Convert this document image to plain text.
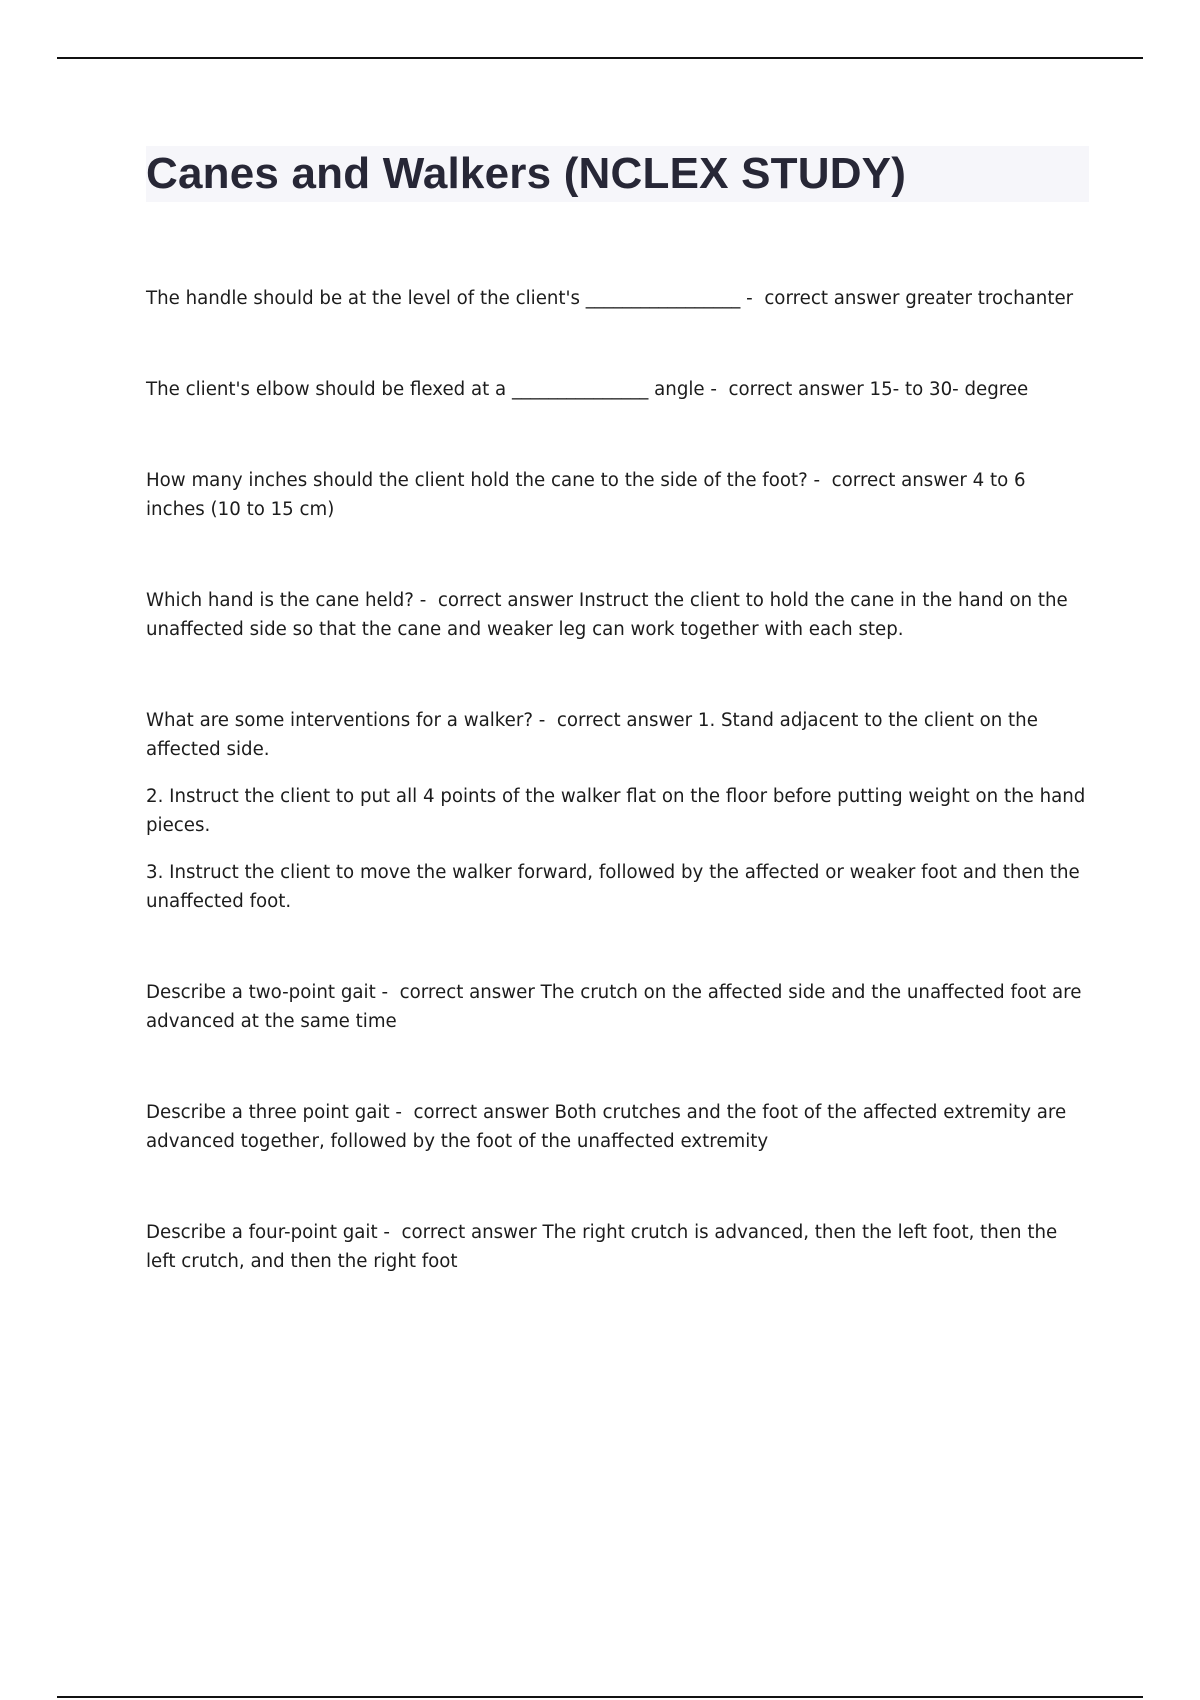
Canes and Walkers (NCLEX STUDY)

The handle should be at the level of the client's _________________ -  correct answer greater trochanter

The client's elbow should be flexed at a _______________ angle -  correct answer 15- to 30- degree

How many inches should the client hold the cane to the side of the foot? -  correct answer 4 to 6 inches (10 to 15 cm)

Which hand is the cane held? -  correct answer Instruct the client to hold the cane in the hand on the unaffected side so that the cane and weaker leg can work together with each step.

What are some interventions for a walker? -  correct answer 1. Stand adjacent to the client on the affected side.

2. Instruct the client to put all 4 points of the walker flat on the floor before putting weight on the hand pieces.

3. Instruct the client to move the walker forward, followed by the affected or weaker foot and then the unaffected foot.

Describe a two-point gait -  correct answer The crutch on the affected side and the unaffected foot are advanced at the same time

Describe a three point gait -  correct answer Both crutches and the foot of the affected extremity are advanced together, followed by the foot of the unaffected extremity

Describe a four-point gait -  correct answer The right crutch is advanced, then the left foot, then the left crutch, and then the right foot
